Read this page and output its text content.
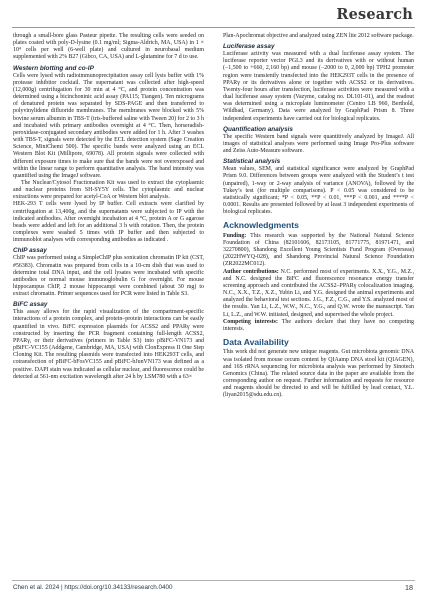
Research

through a small-bore glass Pasteur pipette. The resulting cells were seeded on plates coated with poly-D-lysine (0.1 mg/ml; Sigma-Aldrich, MA, USA) in 1 × 10⁴ cells per well (6-well plate) and cultured in neurobasal medium supplemented with 2% B27 (Gibco, CA, USA) and L-glutamine for 7 d to use.

Western blotting and co-IP

Cells were lysed with radioimmunoprecipitation assay cell lysis buffer with 1% protease inhibitor cocktail. The supernatant was collected after high-speed (12,000g) centrifugation for 30 min at 4 °C, and protein concentration was determined using a bicinchoninic acid assay (PA115; Tiangen). Ten micrograms of denatured protein was separated by SDS-PAGE and then transferred to polyvinylidene difluoride membranes. The membranes were blocked with 5% bovine serum albumin in TBS-T (tris-buffered saline with Tween 20) for 2 to 3 h and incubated with primary antibodies overnight at 4 °C. Then, horseradish-peroxidase-conjugated secondary antibodies were added for 1 h. After 3 washes with TBS-T, signals were detected by the ECL detection system (Sage Creation Science, MiniChemi 500). The specific bands were analyzed using an ECL Western Blot Kit (Millipore, 69078). All protein signals were collected with different exposure times to make sure that the bands were not overexposed and within the linear range to perform quantitative analysis. The band intensity was quantified using the ImageJ software.

The Nuclear/Cytosol Fractionation Kit was used to extract the cytoplasmic and nuclear proteins from SH-SY5Y cells. The cytoplasmic and nuclear extractions were prepared for acetyl-CoA or Western blot analysis.

HEK-293 T cells were lysed by IP buffer. Cell extracts were clarified by centrifugation at 13,400g, and the supernatants were subjected to IP with the indicated antibodies. After overnight incubation at 4 °C, protein A or G agarose beads were added and left for an additional 3 h with rotation. Then, the protein complexes were washed 5 times with IP buffer and then subjected to immunoblot analyses with corresponding antibodies as indicated .

ChIP assay

ChIP was performed using a SimpleChIP plus sonication chromatin IP kit (CST, #56383). Chromatin was prepared from cells in a 10-cm dish that was used to determine total DNA input, and the cell lysates were incubated with specific antibodies or normal mouse immunoglobulin G for overnight. For mouse hippocampus ChIP, 2 mouse hippocampi were combined (about 30 mg) to extract chromatin. Primer sequences used for PCR were listed in Table S3.

BiFC assay

This assay allows for the rapid visualization of the compartment-specific interactions of a protein complex, and protein–protein interactions can be easily quantified in vivo. BiFC expression plasmids for ACSS2 and PPARγ were constructed by inserting the PCR fragment containing full-length ACSS2, PPARγ, or their derivatives (primers in Table S3) into pBiFC-VN173 and pBiFC-VC155 (Addgene, Cambridge, MA, USA) with ClonExpress II One Step Cloning Kit. The resulting plasmids were transfected into HEK293T cells, and cotransfection of pBiFC-bFosVC155 and pBiFC-bJunVN173 was defined as a positive. DAPI stain was indicated as cellular nuclear, and fluorescence could be detected at 561-nm excitation wavelength after 24 h by LSM780 with a 63×

Plan-Apochromat objective and analyzed using ZEN lite 2012 software package.

Luciferase assay

Luciferase activity was measured with a dual luciferase assay system. The luciferase reporter vector PGL3 and its derivatives with or without human (−1,500 to +660, 2,160 bp) and mouse (−2000 to 0, 2,000 bp) TPH2 promoter region were transiently transfected into the HEK293T cells in the presence of PPARγ or its derivatives alone or together with ACSS2 or its derivatives. Twenty-four hours after transfection, luciferase activities were measured with a dual luciferase assay system (Vazyme, catalog no. DL101-01), and the readout was determined using a microplate luminometer (Centro LB 960, Berthold, Wildbad, Germany). Data were analyzed by GraphPad Prism 8. Three independent experiments have carried out for biological replicates.

Quantification analysis

The specific Western band signals were quantitively analyzed by ImageJ. All images of statistical analyses were performed using Image Pro-Plus software and Zeiss Auto-Measure software.

Statistical analysis

Mean values, SEM, and statistical significance were analyzed by GraphPad Prism 9.0. Differences between groups were analyzed with the Student’s t test (unpaired), 1-way or 2-way analysis of variance (ANOVA), followed by the Tukey’s test (for multiple comparisons). P < 0.05 was considered to be statistically significant; *P < 0.05, **P < 0.01, ***P < 0.001, and ****P < 0.0001. Results are presented followed by at least 3 independent experiments of biological replicates.

Acknowledgments

Funding: This research was supported by the National Natural Science Foundation of China (82101606, 82173105, 81771775, 81971471, and 32270800), Shandong Excellent Young Scientists Fund Program (Overseas) (2022HWYQ-028), and Shandong Provincial Natural Science Foundation (ZR2022MC012).

Author contributions: N.C. performed most of experiments. X.X., Y.G., M.Z., and N.C. designed the BiFC and fluorescence resonance energy transfer screening approach and contributed the ACSS2–PPARγ colocalization imaging. N.C., X.X., T.Z., X.Z., Yubin Li, and Y.G. designed the animal experiments and analyzed the behavioral test sections. J.G., F.Z., C.G., and Y.S. analyzed most of the results. Yan Li, L.Z., W.W., N.C., Y.G., and Q.W. wrote the manuscript. Yan Li, L.Z., and W.W. initiated, designed, and supervised the whole project.

Competing interests: The authors declare that they have no competing interests.

Data Availability

This work did not generate new unique reagents. Gut microbiota genomic DNA was isolated from mouse cecum content by QIAamp DNA stool kit (QIAGEN), and 16S rRNA sequencing for microbiota analysis was performed by Sinotech Genomics (China). The related source data in the paper are available from the corresponding author on request. Further information and requests for resource and reagents should be directed to and will be fulfilled by lead contact, Y.L. (liyan2015@sdu.edu.cn).

Chen et al. 2024 | https://doi.org/10.34133/research.0400	18
